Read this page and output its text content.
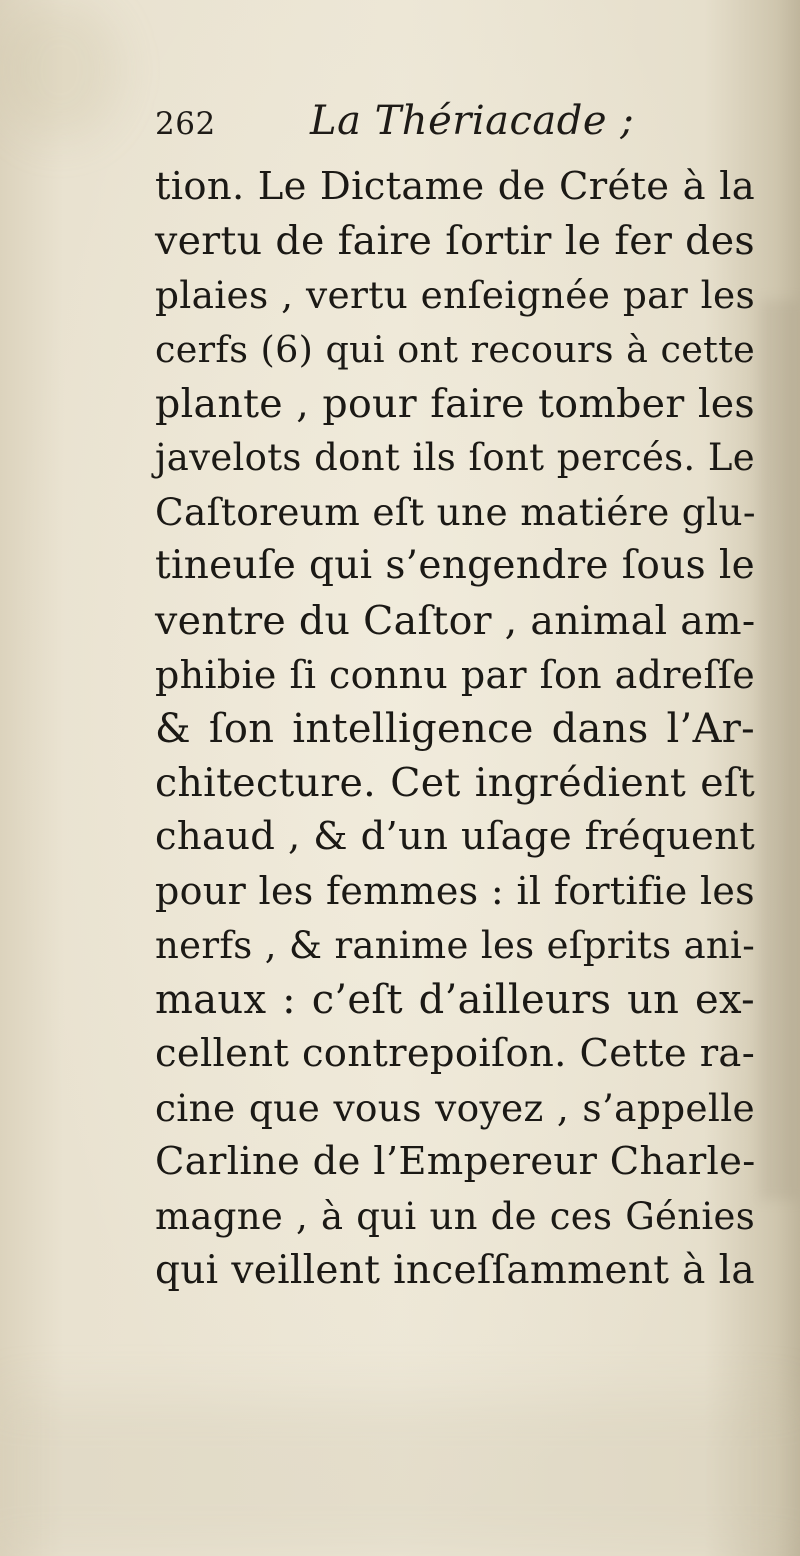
262 La Thériacade ;
tion. Le Dictame de Créte à la
vertu de faire ſortir le fer des
plaies , vertu enſeignée par les
cerfs (6) qui ont recours à cette
plante , pour faire tomber les
javelots dont ils ſont percés. Le
Caſtoreum eſt une matiére glu-
tineuſe qui s’engendre ſous le
ventre du Caſtor , animal am-
phibie ſi connu par ſon adreſſe
& ſon intelligence dans l’Ar-
chitecture. Cet ingrédient eſt
chaud , & d’un uſage fréquent
pour les femmes : il fortifie les
nerfs , & ranime les eſprits ani-
maux : c’eſt d’ailleurs un ex-
cellent contrepoiſon. Cette ra-
cine que vous voyez , s’appelle
Carline de l’Empereur Charle-
magne , à qui un de ces Génies
qui veillent inceſſamment à la
